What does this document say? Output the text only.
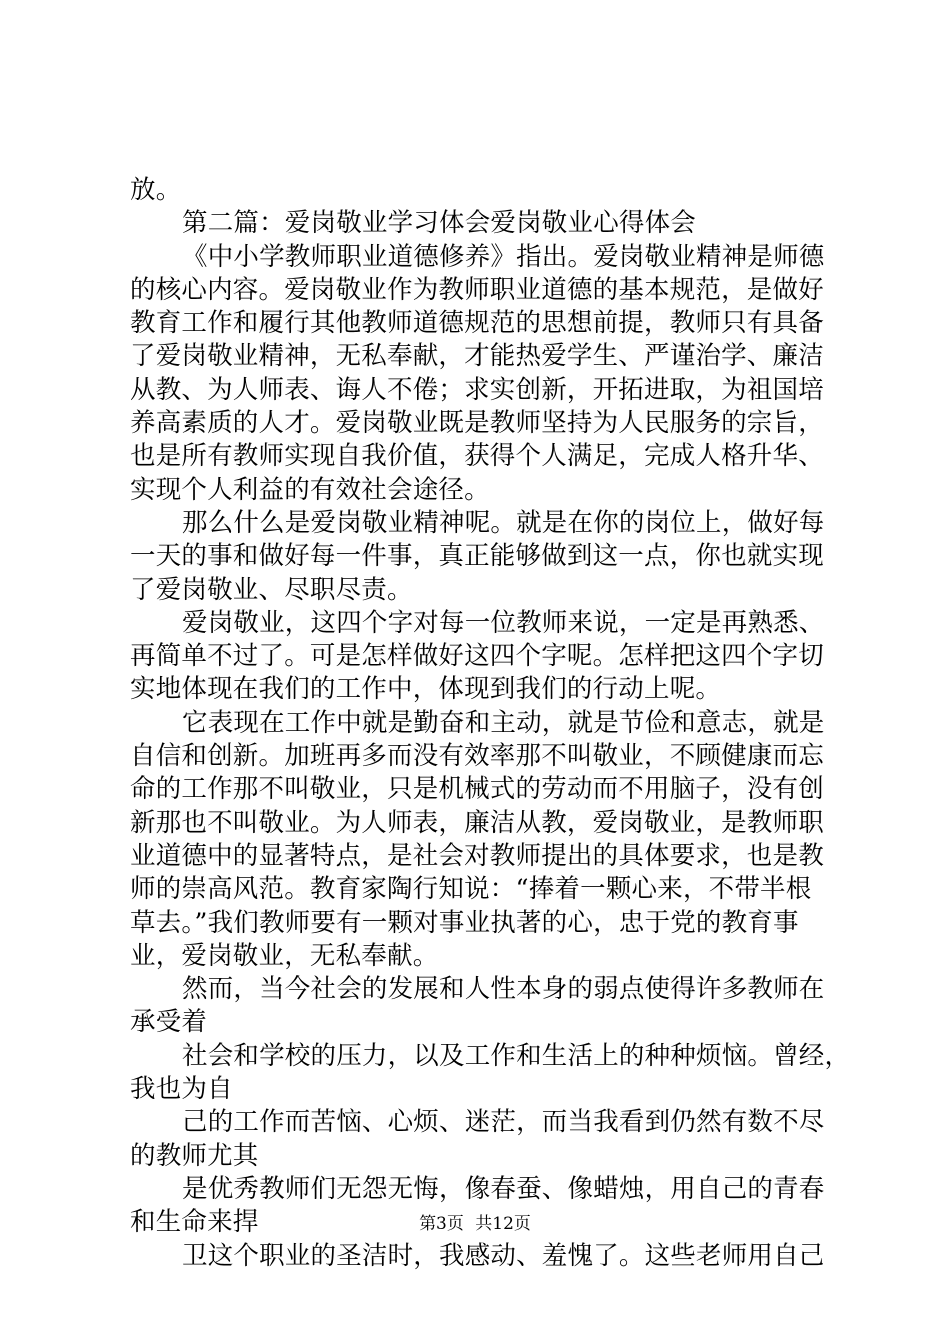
放。
第二篇：爱岗敬业学习体会爱岗敬业心得体会
《中小学教师职业道德修养》指出。爱岗敬业精神是师德
的核心内容。爱岗敬业作为教师职业道德的基本规范，是做好
教育工作和履行其他教师道德规范的思想前提，教师只有具备
了爱岗敬业精神，无私奉献，才能热爱学生、严谨治学、廉洁
从教、为人师表、诲人不倦；求实创新，开拓进取，为祖国培
养高素质的人才。爱岗敬业既是教师坚持为人民服务的宗旨，
也是所有教师实现自我价值，获得个人满足，完成人格升华、
实现个人利益的有效社会途径。
那么什么是爱岗敬业精神呢。就是在你的岗位上，做好每
一天的事和做好每一件事，真正能够做到这一点，你也就实现
了爱岗敬业、尽职尽责。
爱岗敬业，这四个字对每一位教师来说，一定是再熟悉、
再简单不过了。可是怎样做好这四个字呢。怎样把这四个字切
实地体现在我们的工作中，体现到我们的行动上呢。
它表现在工作中就是勤奋和主动，就是节俭和意志，就是
自信和创新。加班再多而没有效率那不叫敬业，不顾健康而忘
命的工作那不叫敬业，只是机械式的劳动而不用脑子，没有创
新那也不叫敬业。为人师表，廉洁从教，爱岗敬业，是教师职
业道德中的显著特点，是社会对教师提出的具体要求，也是教
师的崇高风范。教育家陶行知说：“捧着一颗心来，不带半根
草去。”我们教师要有一颗对事业执著的心，忠于党的教育事
业，爱岗敬业，无私奉献。
然而，当今社会的发展和人性本身的弱点使得许多教师在
承受着
社会和学校的压力，以及工作和生活上的种种烦恼。曾经，
我也为自
己的工作而苦恼、心烦、迷茫，而当我看到仍然有数不尽
的教师尤其
是优秀教师们无怨无悔，像春蚕、像蜡烛，用自己的青春
和生命来捍
卫这个职业的圣洁时，我感动、羞愧了。这些老师用自己
第3页 共12页
